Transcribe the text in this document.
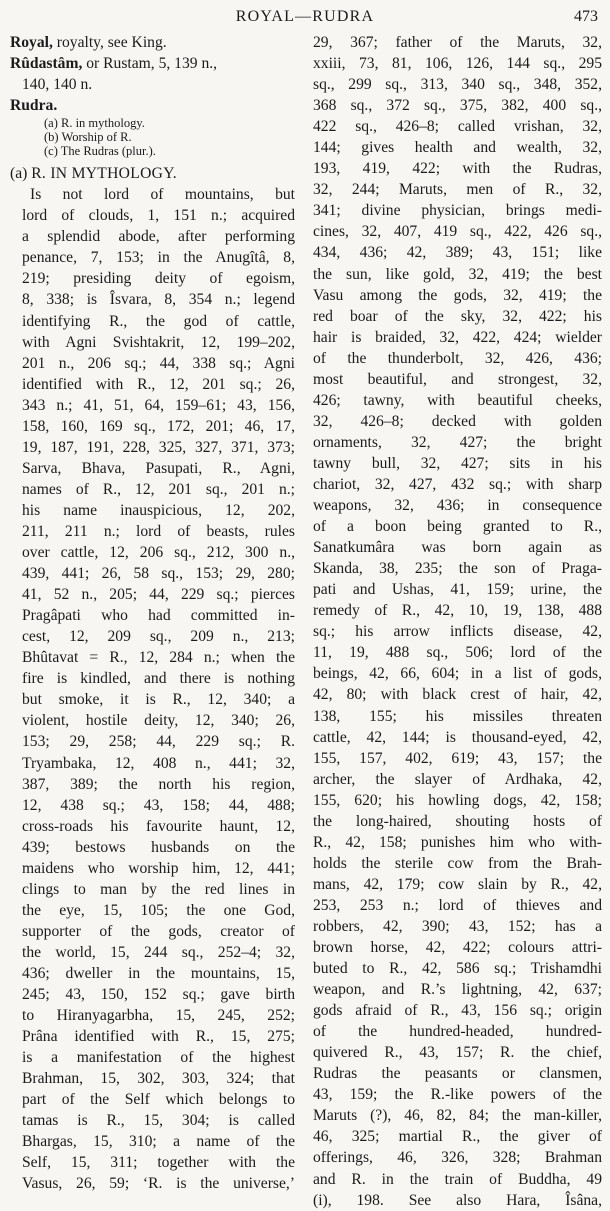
ROYAL—RUDRA	473
Royal, royalty, see King.
Rûdastâm, or Rustam, 5, 139 n.,
140, 140 n.
Rudra.
(a) R. in mythology.
(b) Worship of R.
(c) The Rudras (plur.).
(a) R. IN MYTHOLOGY.
Is not lord of mountains, but
lord of clouds, 1, 151 n.; acquired
a splendid abode, after performing
penance, 7, 153; in the Anugîtâ, 8,
219; presiding deity of egoism,
8, 338; is Îsvara, 8, 354 n.; legend
identifying R., the god of cattle,
with Agni Svishtakrit, 12, 199–202,
201 n., 206 sq.; 44, 338 sq.; Agni
identified with R., 12, 201 sq.; 26,
343 n.; 41, 51, 64, 159–61; 43, 156,
158, 160, 169 sq., 172, 201; 46, 17,
19, 187, 191, 228, 325, 327, 371, 373;
Sarva, Bhava, Pasupati, R., Agni,
names of R., 12, 201 sq., 201 n.;
his name inauspicious, 12, 202,
211, 211 n.; lord of beasts, rules
over cattle, 12, 206 sq., 212, 300 n.,
439, 441; 26, 58 sq., 153; 29, 280;
41, 52 n., 205; 44, 229 sq.; pierces
Pragâpati who had committed in-
cest, 12, 209 sq., 209 n., 213;
Bhûtavat = R., 12, 284 n.; when the
fire is kindled, and there is nothing
but smoke, it is R., 12, 340; a
violent, hostile deity, 12, 340; 26,
153; 29, 258; 44, 229 sq.; R.
Tryambaka, 12, 408 n., 441; 32,
387, 389; the north his region,
12, 438 sq.; 43, 158; 44, 488;
cross-roads his favourite haunt, 12,
439; bestows husbands on the
maidens who worship him, 12, 441;
clings to man by the red lines in
the eye, 15, 105; the one God,
supporter of the gods, creator of
the world, 15, 244 sq., 252–4; 32,
436; dweller in the mountains, 15,
245; 43, 150, 152 sq.; gave birth
to Hiranyagarbha, 15, 245, 252;
Prâna identified with R., 15, 275;
is a manifestation of the highest
Brahman, 15, 302, 303, 324; that
part of the Self which belongs to
tamas is R., 15, 304; is called
Bhargas, 15, 310; a name of the
Self, 15, 311; together with the
Vasus, 26, 59; ‘R. is the universe,’
29, 367; father of the Maruts, 32,
xxiii, 73, 81, 106, 126, 144 sq., 295
sq., 299 sq., 313, 340 sq., 348, 352,
368 sq., 372 sq., 375, 382, 400 sq.,
422 sq., 426–8; called vrishan, 32,
144; gives health and wealth, 32,
193, 419, 422; with the Rudras,
32, 244; Maruts, men of R., 32,
341; divine physician, brings medi-
cines, 32, 407, 419 sq., 422, 426 sq.,
434, 436; 42, 389; 43, 151; like
the sun, like gold, 32, 419; the best
Vasu among the gods, 32, 419; the
red boar of the sky, 32, 422; his
hair is braided, 32, 422, 424; wielder
of the thunderbolt, 32, 426, 436;
most beautiful, and strongest, 32,
426; tawny, with beautiful cheeks,
32, 426–8; decked with golden
ornaments, 32, 427; the bright
tawny bull, 32, 427; sits in his
chariot, 32, 427, 432 sq.; with sharp
weapons, 32, 436; in consequence
of a boon being granted to R.,
Sanatkumâra was born again as
Skanda, 38, 235; the son of Praga-
pati and Ushas, 41, 159; urine, the
remedy of R., 42, 10, 19, 138, 488
sq.; his arrow inflicts disease, 42,
11, 19, 488 sq., 506; lord of the
beings, 42, 66, 604; in a list of gods,
42, 80; with black crest of hair, 42,
138, 155; his missiles threaten
cattle, 42, 144; is thousand-eyed, 42,
155, 157, 402, 619; 43, 157; the
archer, the slayer of Ardhaka, 42,
155, 620; his howling dogs, 42, 158;
the long-haired, shouting hosts of
R., 42, 158; punishes him who with-
holds the sterile cow from the Brah-
mans, 42, 179; cow slain by R., 42,
253, 253 n.; lord of thieves and
robbers, 42, 390; 43, 152; has a
brown horse, 42, 422; colours attri-
buted to R., 42, 586 sq.; Trishamdhi
weapon, and R.’s lightning, 42, 637;
gods afraid of R., 43, 156 sq.; origin
of the hundred-headed, hundred-
quivered R., 43, 157; R. the chief,
Rudras the peasants or clansmen,
43, 159; the R.-like powers of the
Maruts (?), 46, 82, 84; the man-killer,
46, 325; martial R., the giver of
offerings, 46, 326, 328; Brahman
and R. in the train of Buddha, 49
(i), 198. See also Hara, Îsâna,
